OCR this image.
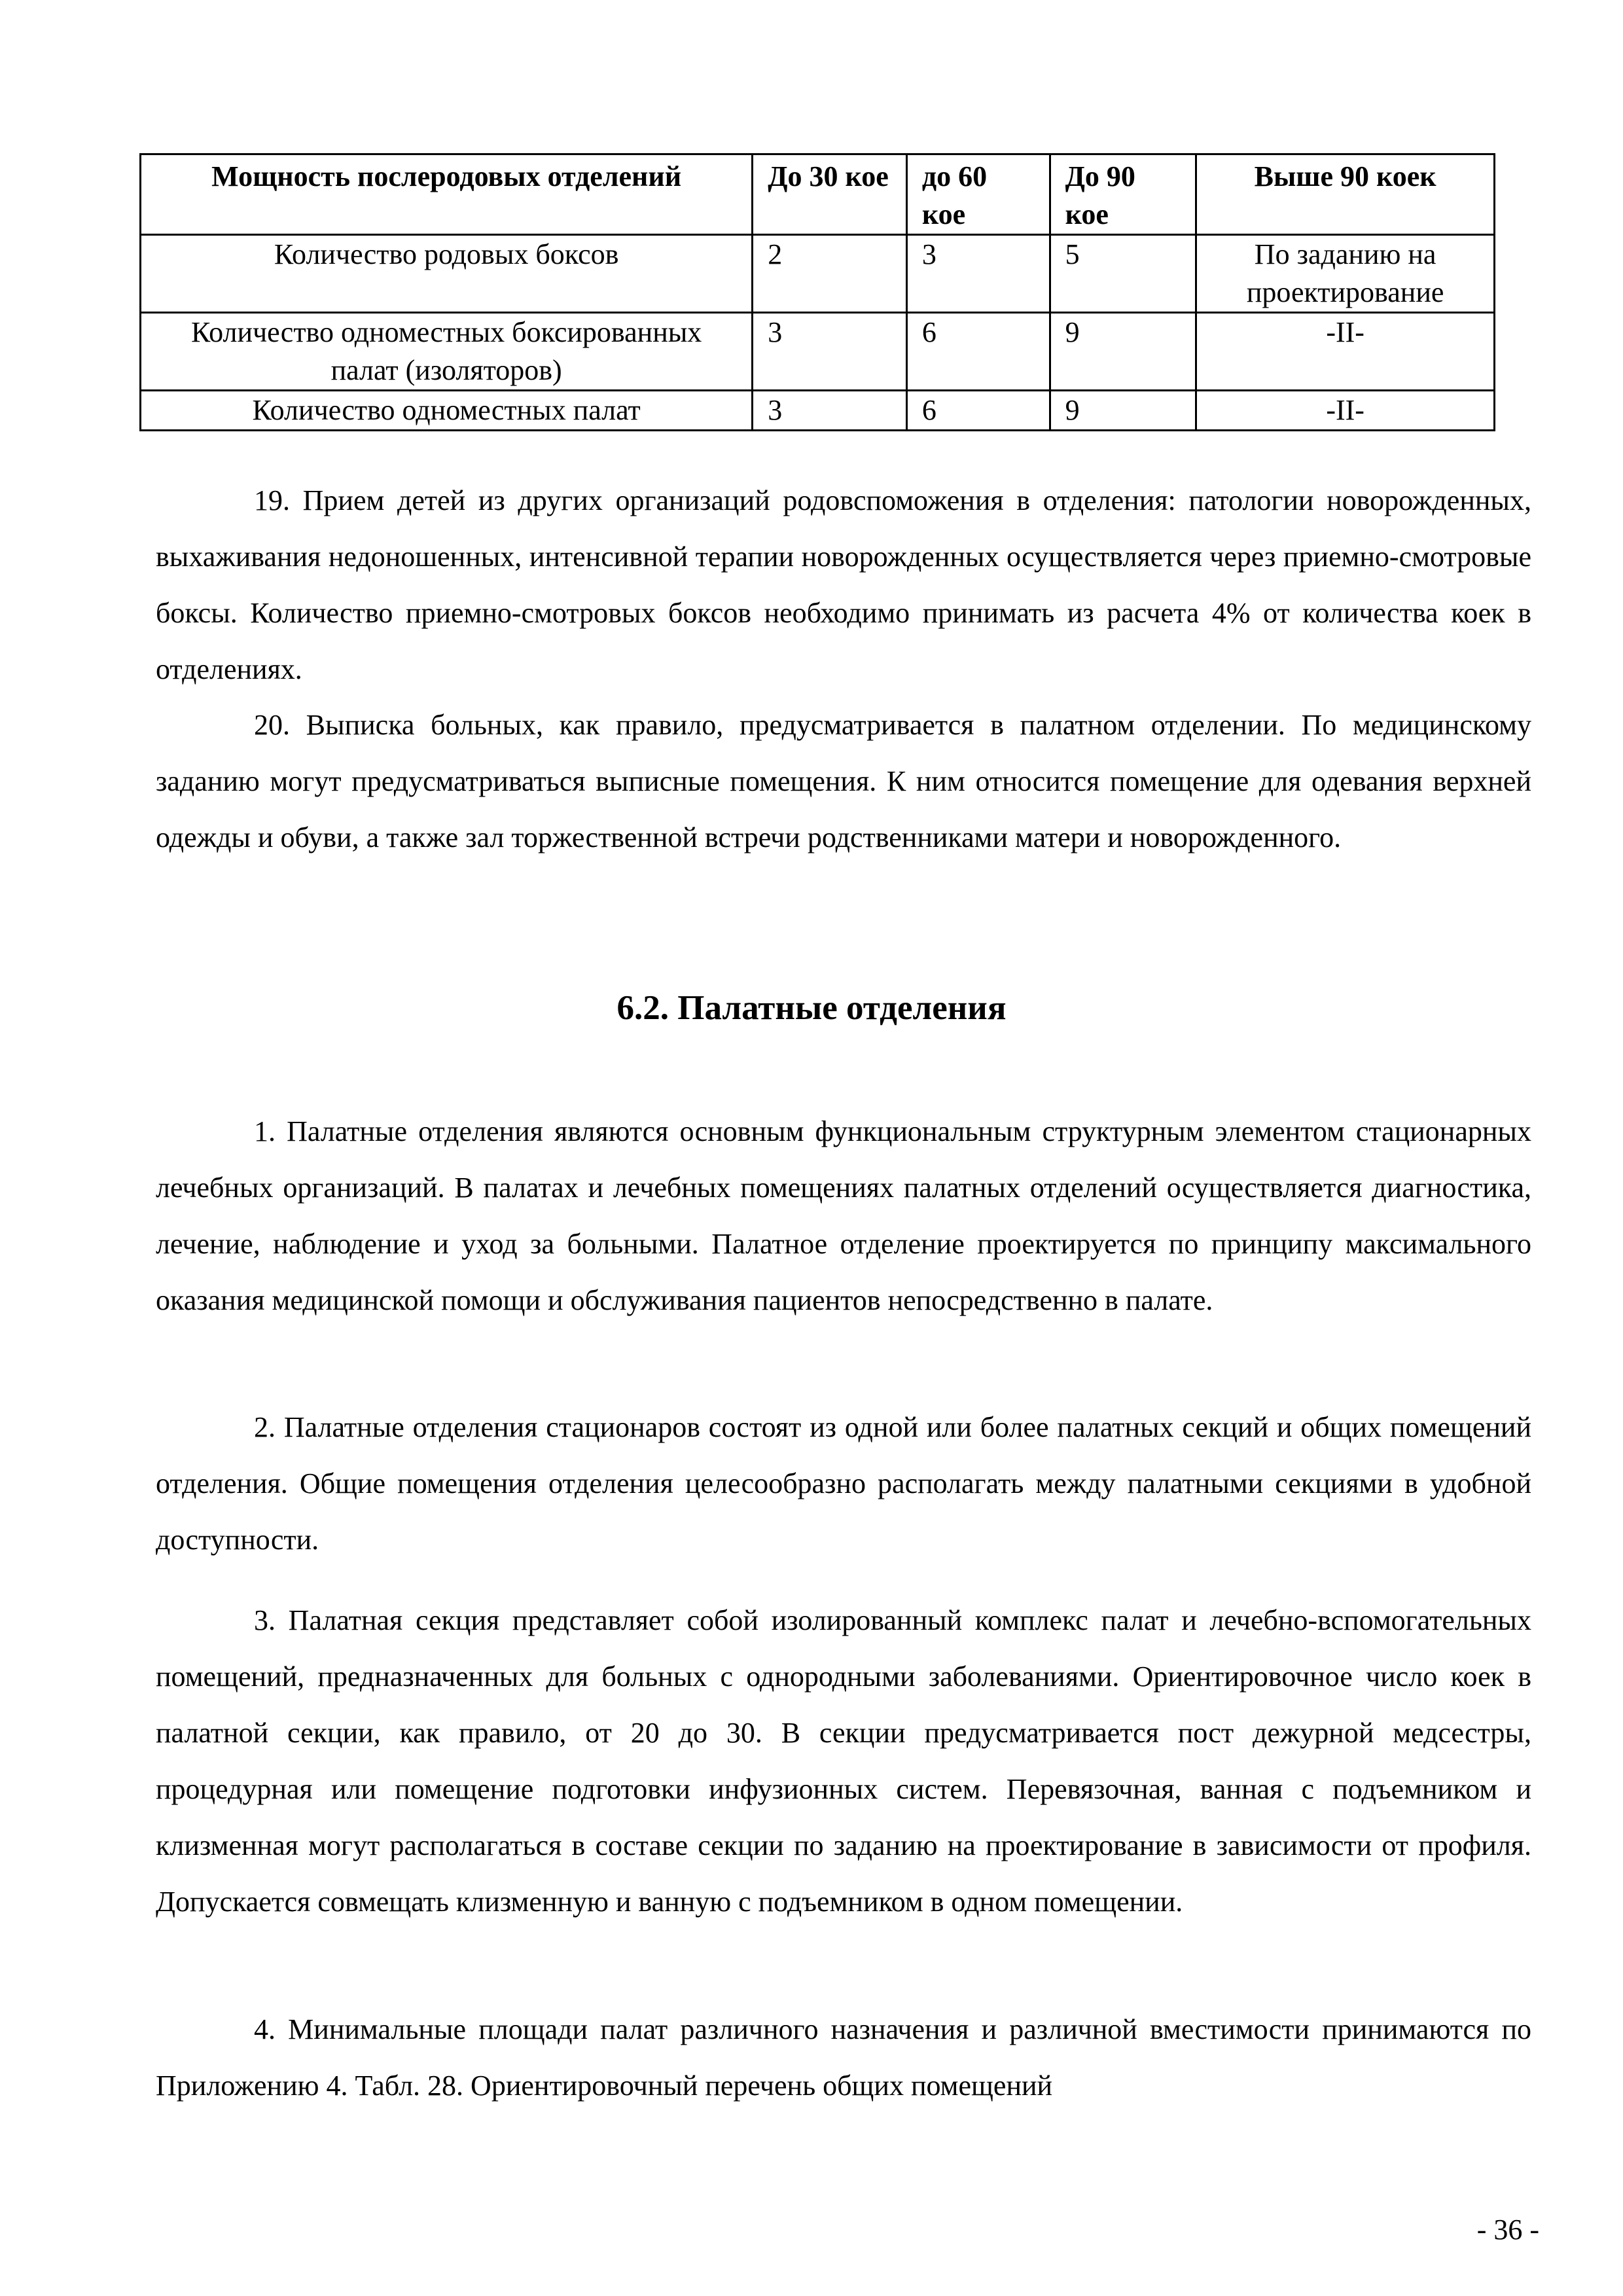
Мощность послеродовых отделений	До 30 кое	до 60 кое	До 90 кое	Выше 90 коек
Количество родовых боксов	2	3	5	По заданию на проектирование
Количество одноместных боксированных палат (изоляторов)	3	6	9	-II-
Количество одноместных палат	3	6	9	-II-

19. Прием детей из других организаций родовспоможения в отделения: патологии новорожденных, выхаживания недоношенных, интенсивной терапии новорожденных осуществляется через приемно-смотровые боксы. Количество приемно-смотровых боксов необходимо принимать из расчета 4% от количества коек в отделениях.

20. Выписка больных, как правило, предусматривается в палатном отделении. По медицинскому заданию могут предусматриваться выписные помещения. К ним относится помещение для одевания верхней одежды и обуви, а также зал торжественной встречи родственниками матери и новорожденного.

6.2. Палатные отделения

1. Палатные отделения являются основным функциональным структурным элементом стационарных лечебных организаций. В палатах и лечебных помещениях палатных отделений осуществляется диагностика, лечение, наблюдение и уход за больными. Палатное отделение проектируется по принципу максимального оказания медицинской помощи и обслуживания пациентов непосредственно в палате.

2. Палатные отделения стационаров состоят из одной или более палатных секций и общих помещений отделения. Общие помещения отделения целесообразно располагать между палатными секциями в удобной доступности.

3. Палатная секция представляет собой изолированный комплекс палат и лечебно-вспомогательных помещений, предназначенных для больных с однородными заболеваниями. Ориентировочное число коек в палатной секции, как правило, от 20 до 30. В секции предусматривается пост дежурной медсестры, процедурная или помещение подготовки инфузионных систем. Перевязочная, ванная с подъемником и клизменная могут располагаться в составе секции по заданию на проектирование в зависимости от профиля. Допускается совмещать клизменную и ванную с подъемником в одном помещении.

4. Минимальные площади палат различного назначения и различной вместимости принимаются по Приложению 4. Табл. 28. Ориентировочный перечень общих помещений

- 36 -
